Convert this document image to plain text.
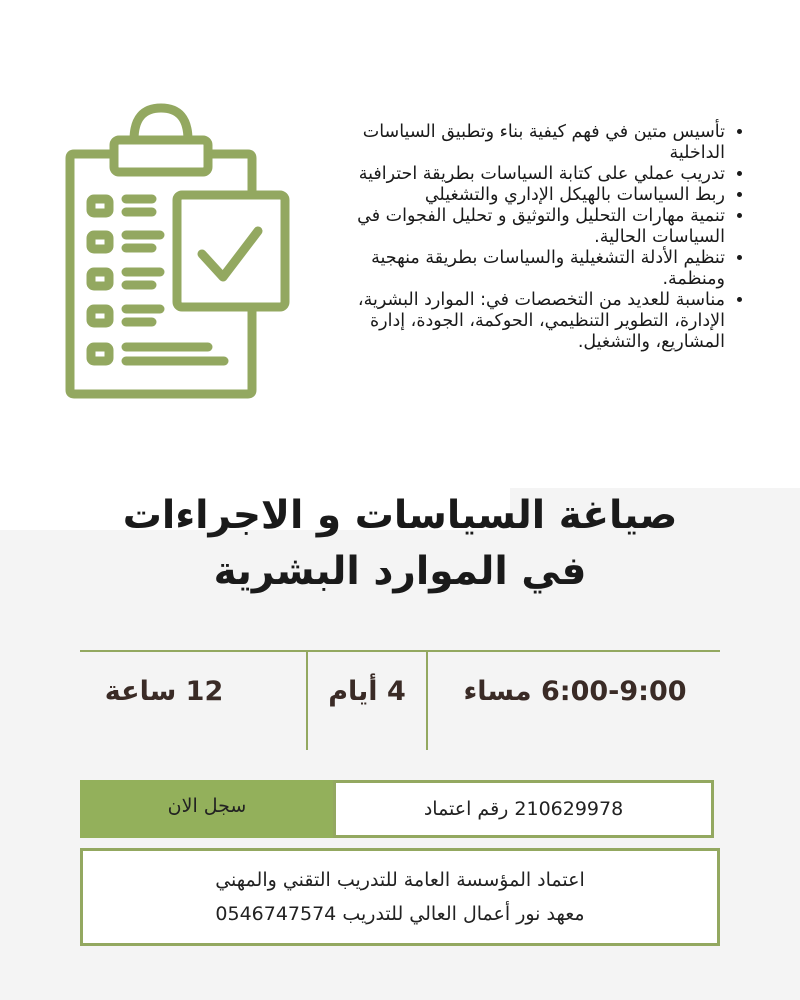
• تأسيس متين في فهم كيفية بناء وتطبيق السياسات الداخلية
• تدريب عملي على كتابة السياسات بطريقة احترافية
• ربط السياسات بالهيكل الإداري والتشغيلي
• تنمية مهارات التحليل والتوثيق و تحليل الفجوات في السياسات الحالية.
• تنظيم الأدلة التشغيلية والسياسات بطريقة منهجية ومنظمة.
• مناسبة للعديد من التخصصات في: الموارد البشرية، الإدارة، التطوير التنظيمي، الحوكمة، الجودة، إدارة المشاريع، والتشغيل.
صياغة السياسات و الاجراءات
في الموارد البشرية
6:00-9:00 مساء
4 أيام
12 ساعة
سجل الان	210629978 رقم اعتماد
اعتماد المؤسسة العامة للتدريب التقني والمهني
معهد نور أعمال العالي للتدريب 0546747574
